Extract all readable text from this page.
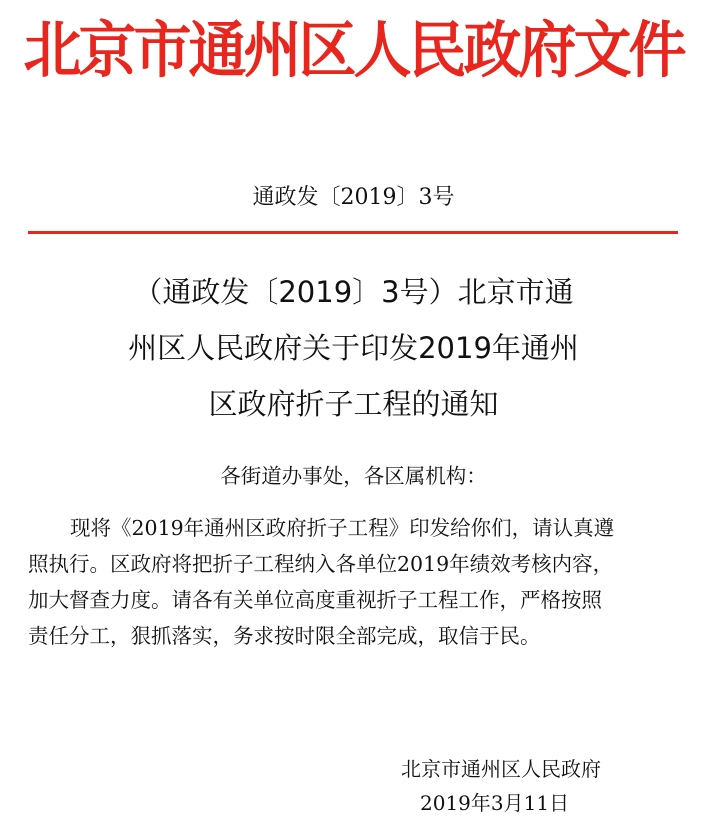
北京市通州区人民政府文件
通政发〔2019〕3号
（通政发〔2019〕3号）北京市通
州区人民政府关于印发2019年通州
区政府折子工程的通知
各街道办事处，各区属机构：
现将《2019年通州区政府折子工程》印发给你们，请认真遵
照执行。区政府将把折子工程纳入各单位2019年绩效考核内容，
加大督查力度。请各有关单位高度重视折子工程工作，严格按照
责任分工，狠抓落实，务求按时限全部完成，取信于民。
北京市通州区人民政府
2019年3月11日
